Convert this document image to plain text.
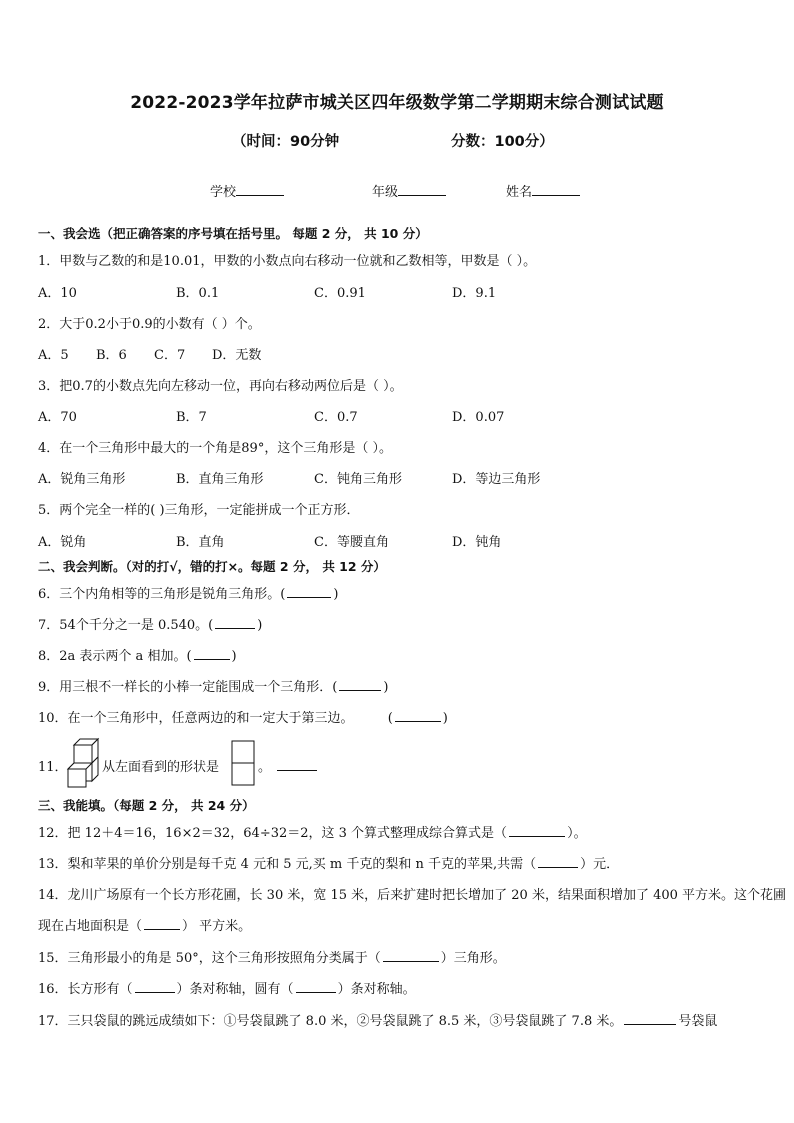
2022-2023学年拉萨市城关区四年级数学第二学期期末综合测试试题
（时间：90分钟	分数：100分）
学校	年级	姓名
一、我会选（把正确答案的序号填在括号里。 每题 2 分， 共 10 分）
1．甲数与乙数的和是10.01，甲数的小数点向右移动一位就和乙数相等，甲数是（ ）。
A．10	B．0.1	C．0.91	D．9.1
2．大于0.2小于0.9的小数有（ ）个。
A．5 B．6 C．7 D．无数
3．把0.7的小数点先向左移动一位，再向右移动两位后是（ ）。
A．70	B．7	C．0.7	D．0.07
4．在一个三角形中最大的一个角是89°，这个三角形是（ ）。
A．锐角三角形	B．直角三角形	C．钝角三角形	D．等边三角形
5．两个完全一样的( )三角形，一定能拼成一个正方形．
A．锐角	B．直角	C．等腰直角	D．钝角
二、我会判断。（对的打√，错的打×。每题 2 分， 共 12 分）
6．三个内角相等的三角形是锐角三角形。(	)
7．54个千分之一是 0.540。(	)
8．2a 表示两个 a 相加。(	)
9．用三根不一样长的小棒一定能围成一个三角形．(	)
10．在一个三角形中，任意两边的和一定大于第三边。	(	)
11．	从左面看到的形状是	。
三、我能填。（每题 2 分， 共 24 分）
12．把 12＋4＝16，16×2＝32，64÷32＝2，这 3 个算式整理成综合算式是（	）。
13．梨和苹果的单价分别是每千克 4 元和 5 元,买 m 千克的梨和 n 千克的苹果,共需（	）元．
14．龙川广场原有一个长方形花圃，长 30 米，宽 15 米，后来扩建时把长增加了 20 米，结果面积增加了 400 平方米。这个花圃
现在占地面积是（	） 平方米。
15．三角形最小的角是 50°，这个三角形按照角分类属于（	）三角形。
16．长方形有（	）条对称轴，圆有（	）条对称轴。
17．三只袋鼠的跳远成绩如下：①号袋鼠跳了 8.0 米，②号袋鼠跳了 8.5 米，③号袋鼠跳了 7.8 米。	号袋鼠
